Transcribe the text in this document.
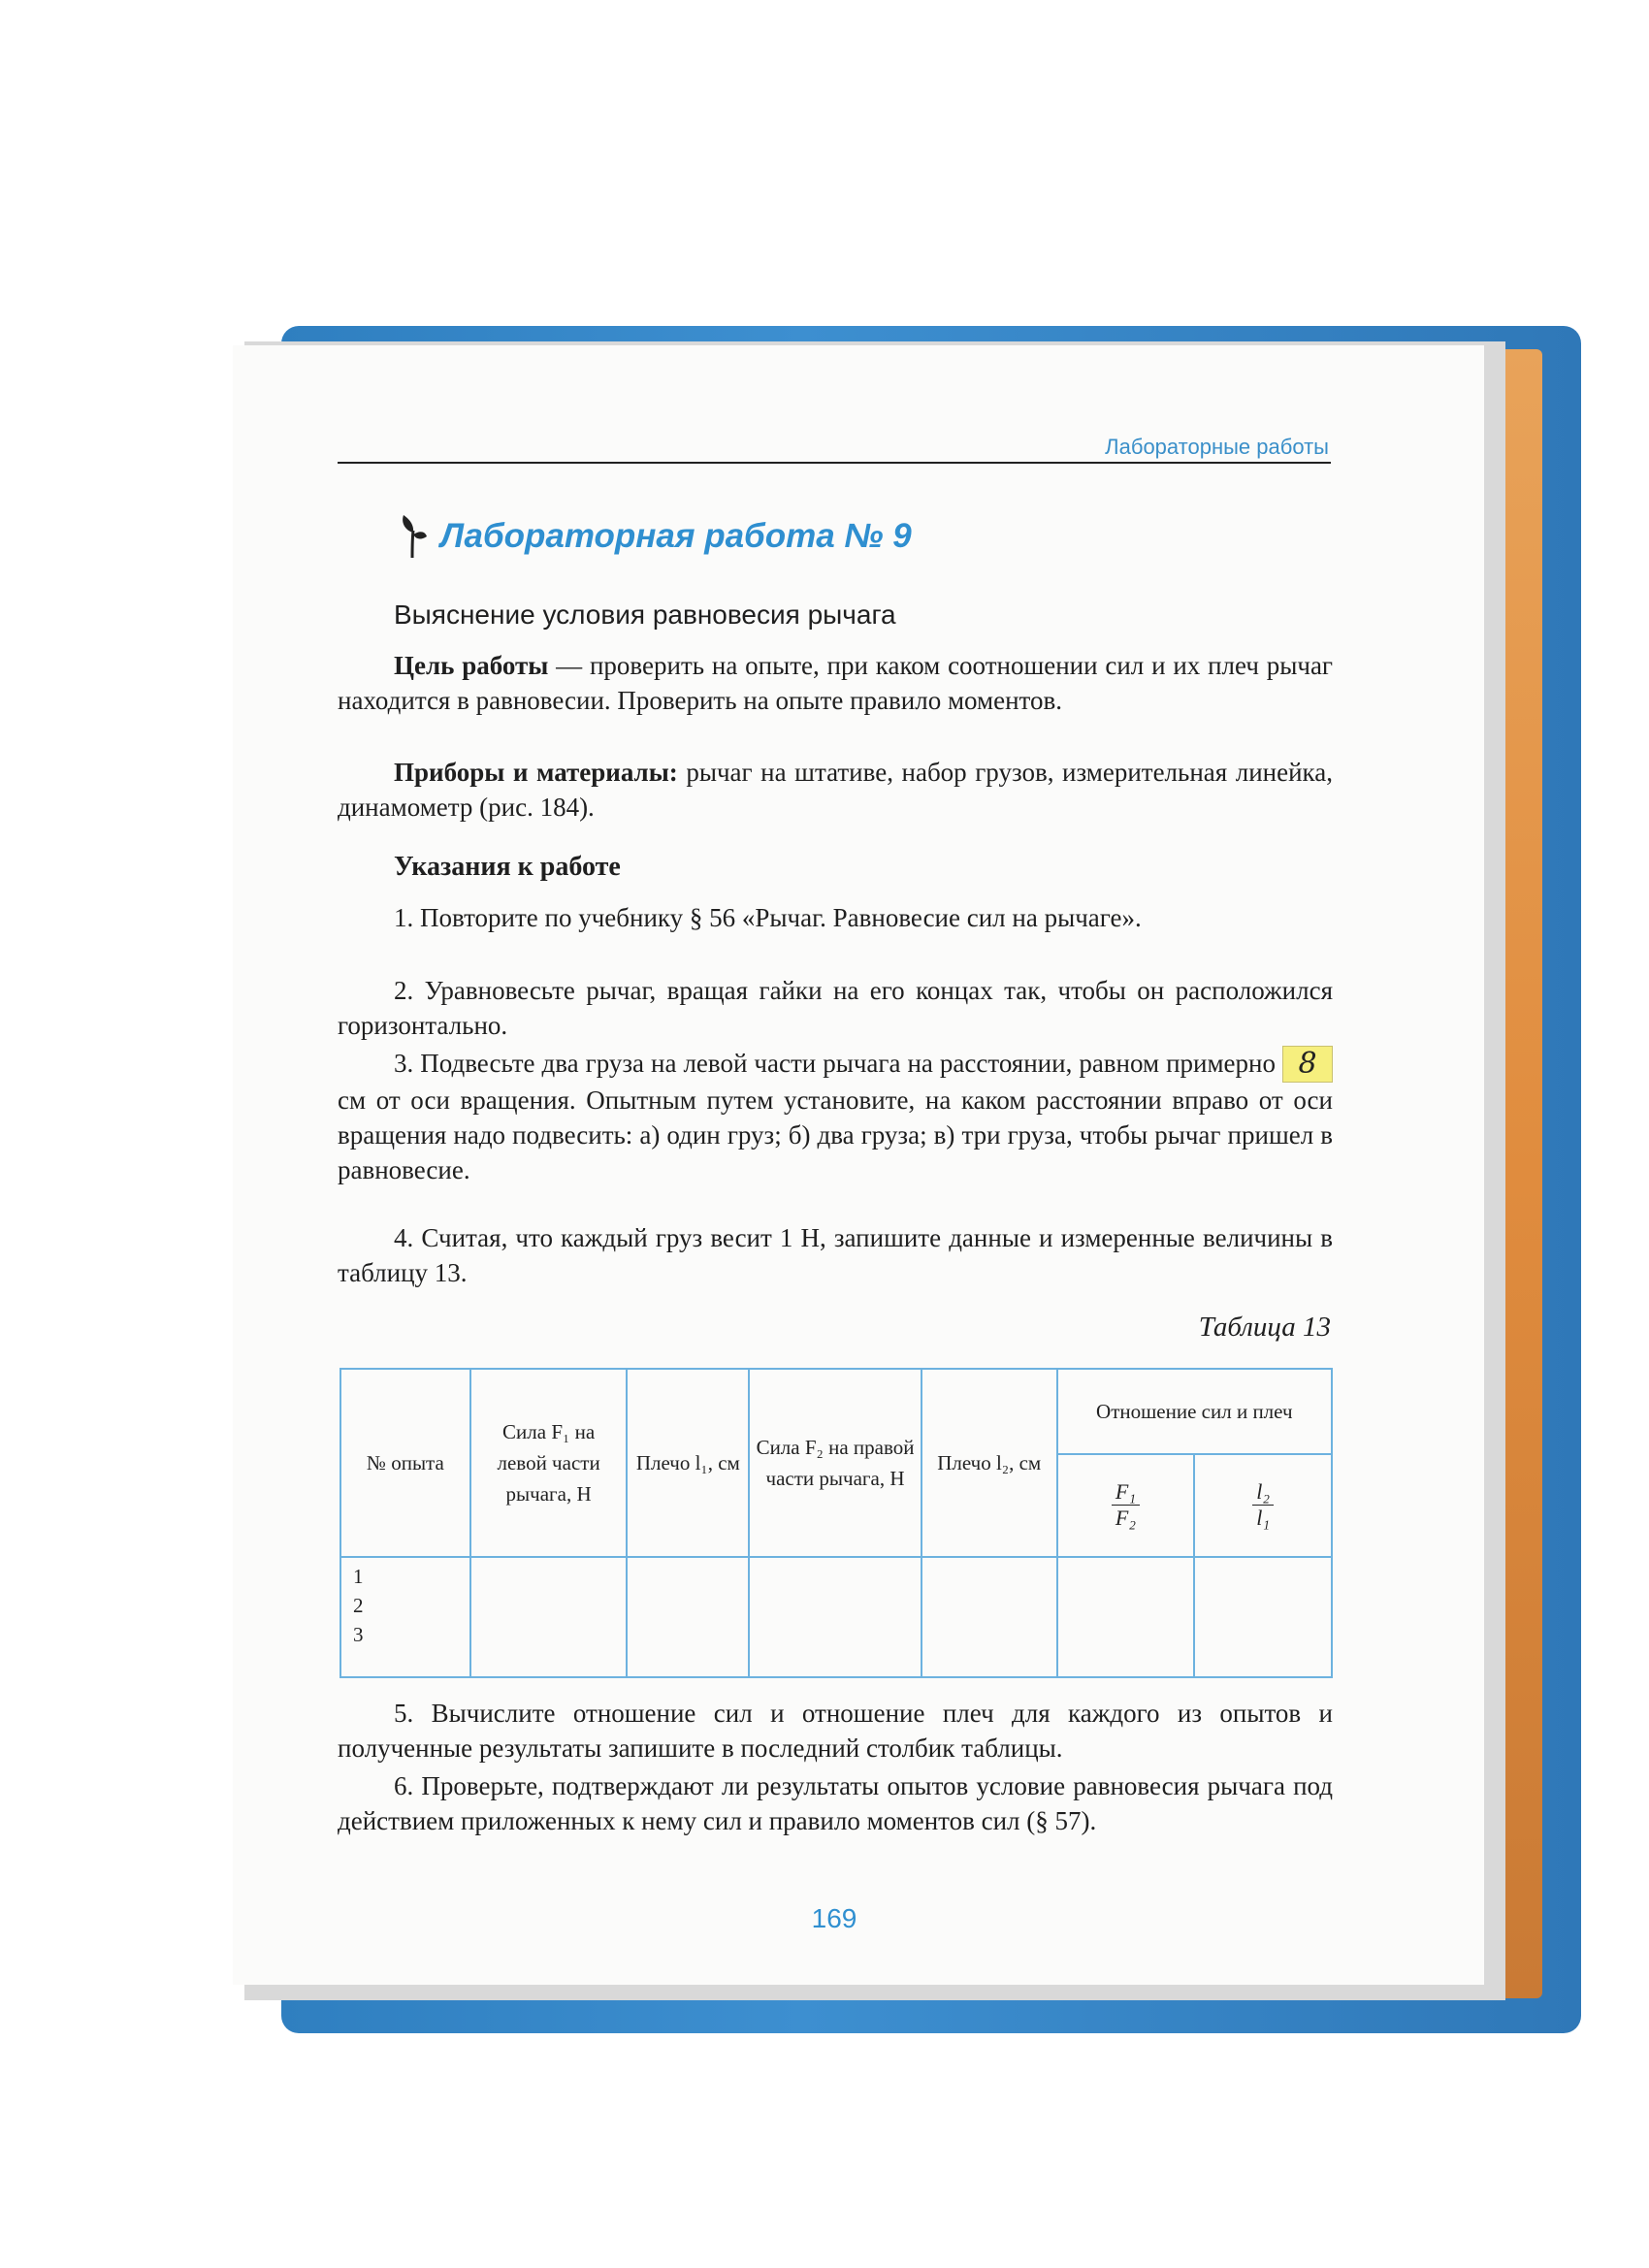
Лабораторные работы
Лабораторная работа № 9
Выяснение условия равновесия рычага

Цель работы — проверить на опыте, при каком соотношении сил и их плеч рычаг находится в равновесии. Проверить на опыте правило моментов.

Приборы и материалы: рычаг на штативе, набор грузов, измерительная линейка, динамометр (рис. 184).

Указания к работе

1. Повторите по учебнику § 56 «Рычаг. Равновесие сил на рычаге».

2. Уравновесьте рычаг, вращая гайки на его концах так, чтобы он расположился горизонтально.

3. Подвесьте два груза на левой части рычага на расстоянии, равном примерно 8 см от оси вращения. Опытным путем установите, на каком расстоянии вправо от оси вращения надо подвесить: а) один груз; б) два груза; в) три груза, чтобы рычаг пришел в равновесие.

4. Считая, что каждый груз весит 1 Н, запишите данные и измеренные величины в таблицу 13.

Таблица 13
№ опыта	Сила F₁ на левой части рычага, Н	Плечо l₁, см	Сила F₂ на правой части рычага, Н	Плечо l₂, см	Отношение сил и плеч	

					$\frac{\text{F₁}}{\text{F₂}}$	$\frac{\text{l₂}}{\text{l₁}}$

1
2
3						

5. Вычислите отношение сил и отношение плеч для каждого из опытов и полученные результаты запишите в последний столбик таблицы.

6. Проверьте, подтверждают ли результаты опытов условие равновесия рычага под действием приложенных к нему сил и правило моментов сил (§ 57).

169
